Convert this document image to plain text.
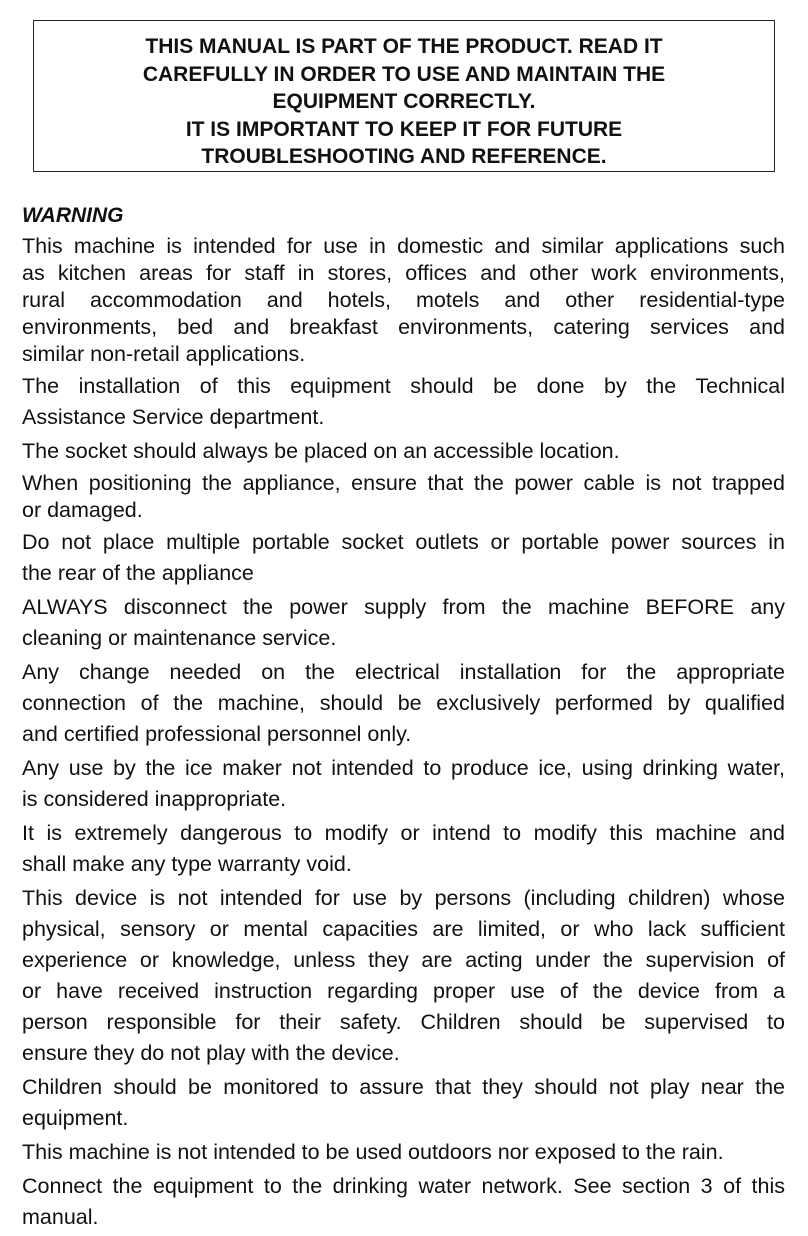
THIS MANUAL IS PART OF THE PRODUCT. READ IT
CAREFULLY IN ORDER TO USE AND MAINTAIN THE
EQUIPMENT CORRECTLY.
IT IS IMPORTANT TO KEEP IT FOR FUTURE
TROUBLESHOOTING AND REFERENCE.
WARNING
This machine is intended for use in domestic and similar applications such
as kitchen areas for staff in stores, offices and other work environments,
rural accommodation and hotels, motels and other residential-type
environments, bed and breakfast environments, catering services and
similar non-retail applications.
The installation of this equipment should be done by the Technical
Assistance Service department.
The socket should always be placed on an accessible location.
When positioning the appliance, ensure that the power cable is not trapped
or damaged.
Do not place multiple portable socket outlets or portable power sources in
the rear of the appliance
ALWAYS disconnect the power supply from the machine BEFORE any
cleaning or maintenance service.
Any change needed on the electrical installation for the appropriate
connection of the machine, should be exclusively performed by qualified
and certified professional personnel only.
Any use by the ice maker not intended to produce ice, using drinking water,
is considered inappropriate.
It is extremely dangerous to modify or intend to modify this machine and
shall make any type warranty void.
This device is not intended for use by persons (including children) whose
physical, sensory or mental capacities are limited, or who lack sufficient
experience or knowledge, unless they are acting under the supervision of
or have received instruction regarding proper use of the device from a
person responsible for their safety. Children should be supervised to
ensure they do not play with the device.
Children should be monitored to assure that they should not play near the
equipment.
This machine is not intended to be used outdoors nor exposed to the rain.
Connect the equipment to the drinking water network. See section 3 of this
manual.
